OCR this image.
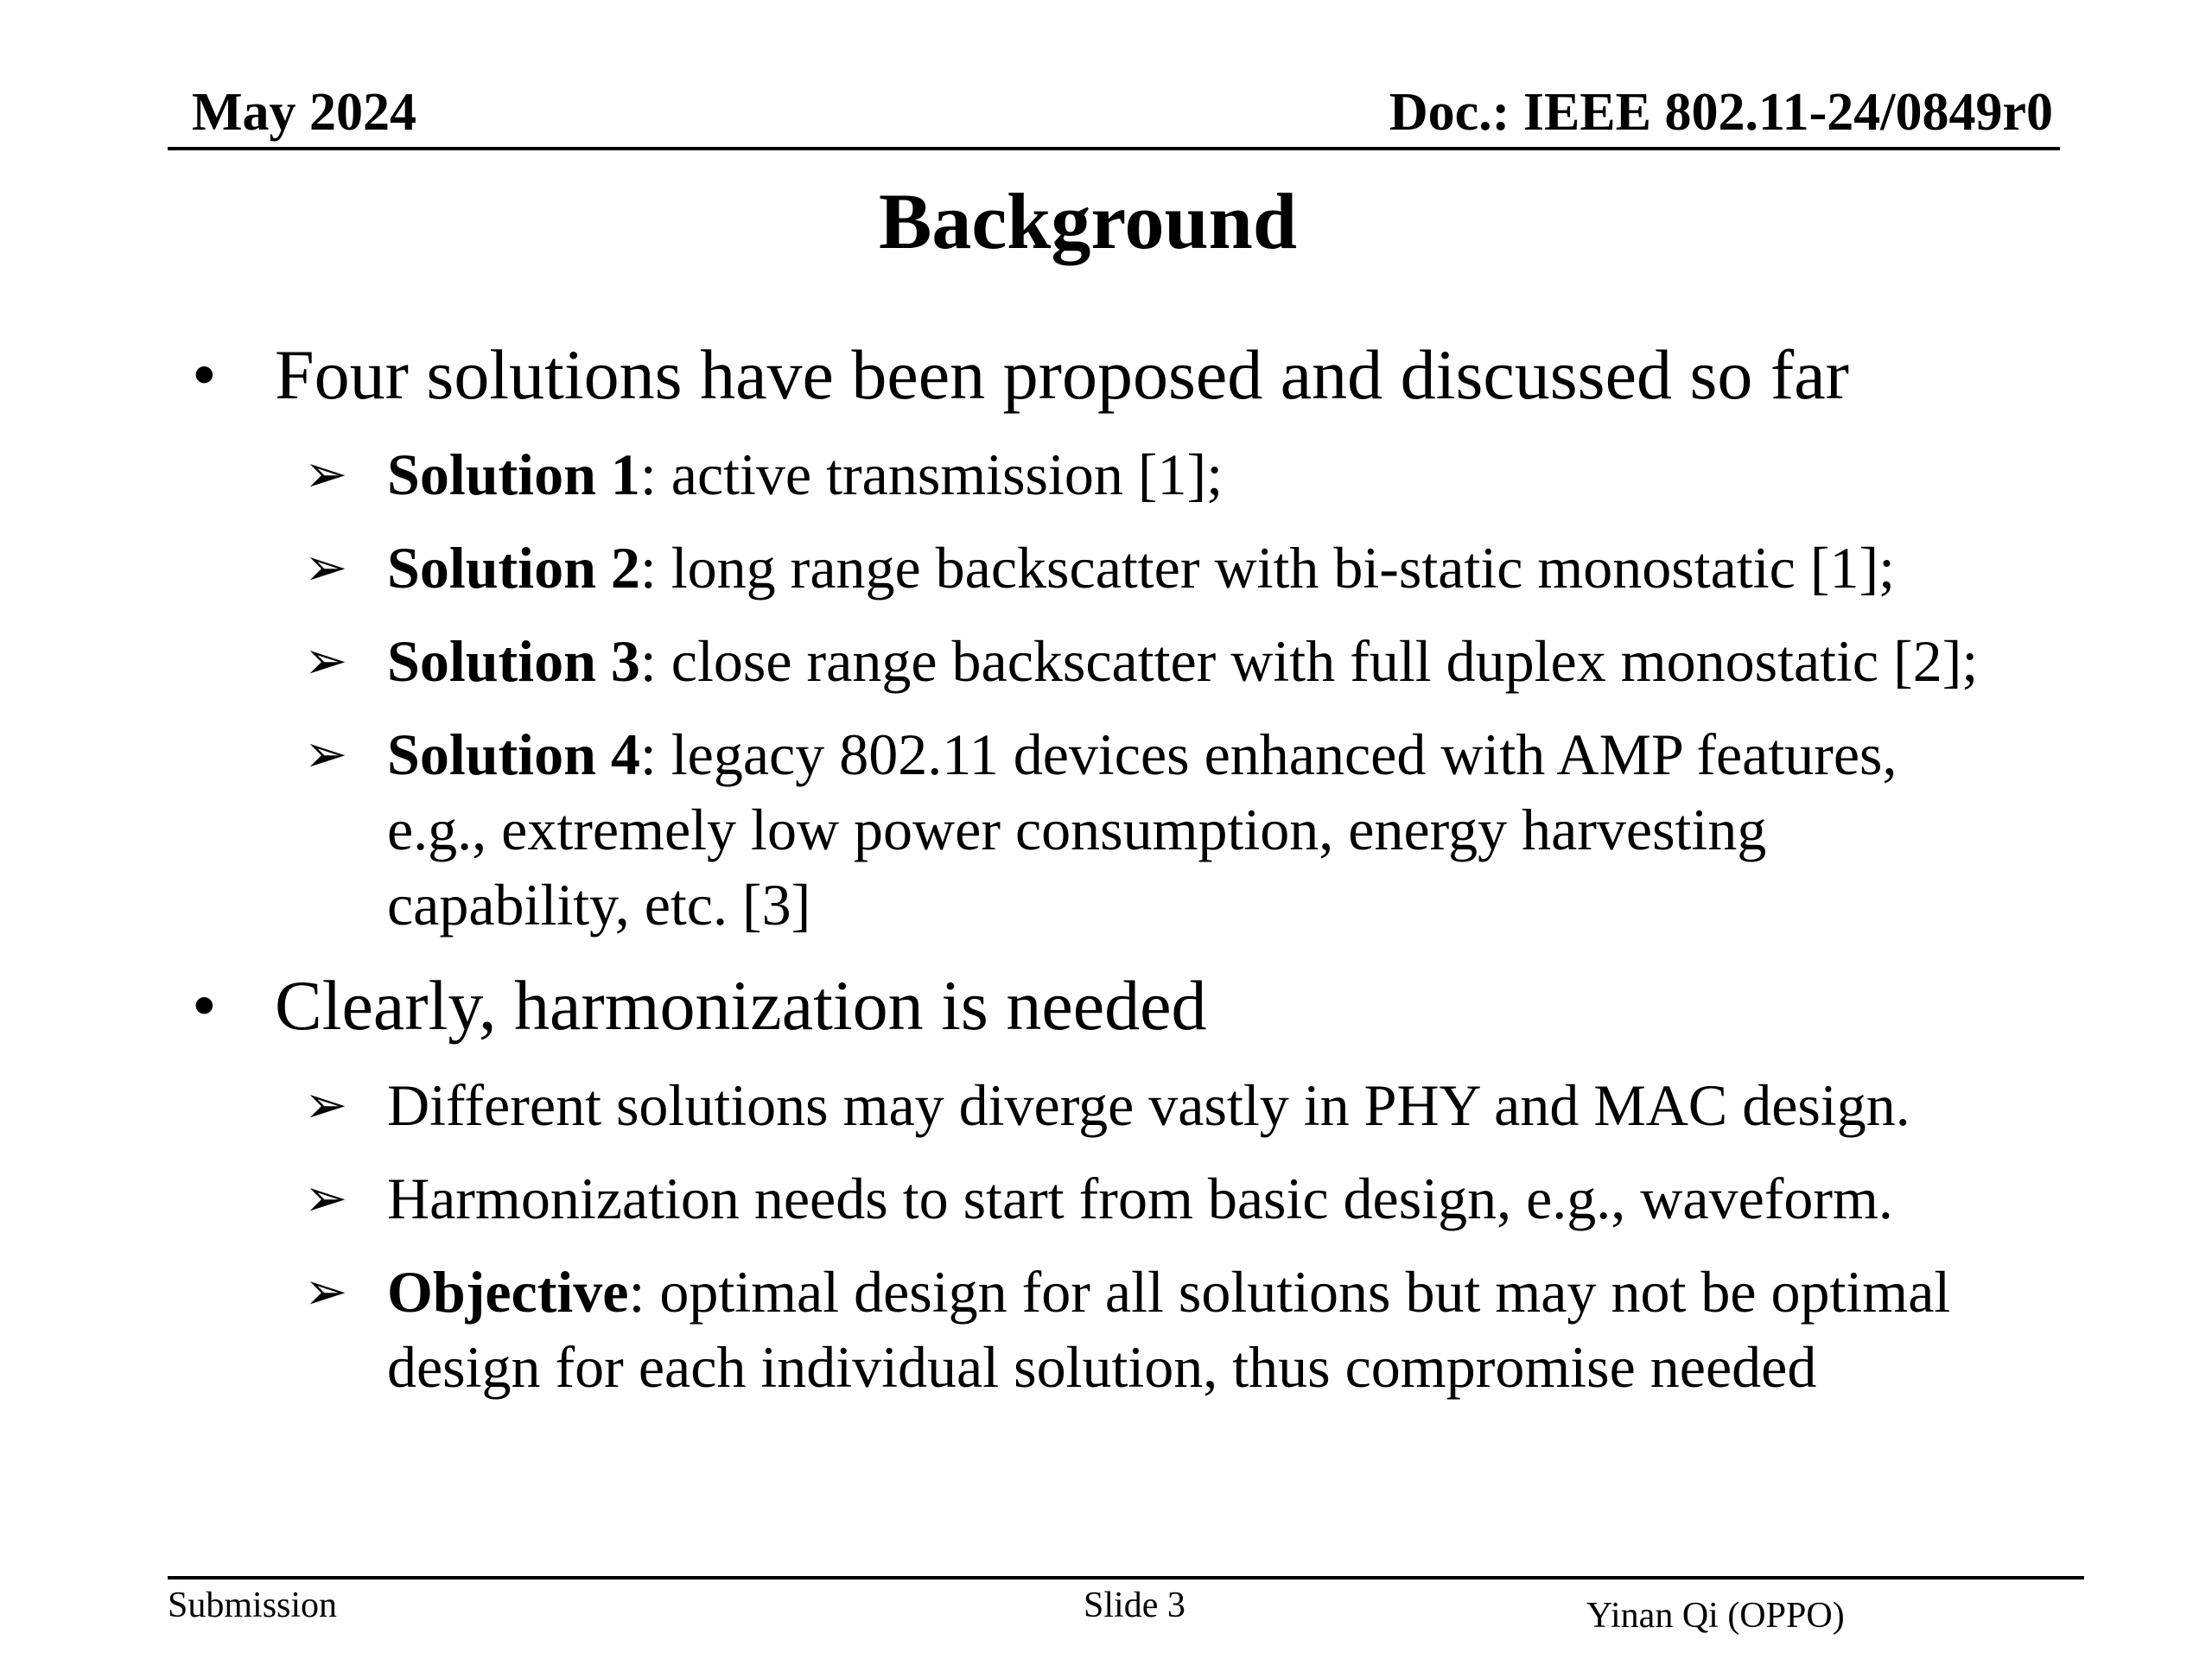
May 2024	Doc.: IEEE 802.11-24/0849r0
Background
• Four solutions have been proposed and discussed so far
➢ Solution 1: active transmission [1];
➢ Solution 2: long range backscatter with bi-static monostatic [1];
➢ Solution 3: close range backscatter with full duplex monostatic [2];
➢ Solution 4: legacy 802.11 devices enhanced with AMP features,
e.g., extremely low power consumption, energy harvesting
capability, etc. [3]
• Clearly, harmonization is needed
➢ Different solutions may diverge vastly in PHY and MAC design.
➢ Harmonization needs to start from basic design, e.g., waveform.
➢ Objective: optimal design for all solutions but may not be optimal
design for each individual solution, thus compromise needed
Submission	Slide 3	Yinan Qi (OPPO)
